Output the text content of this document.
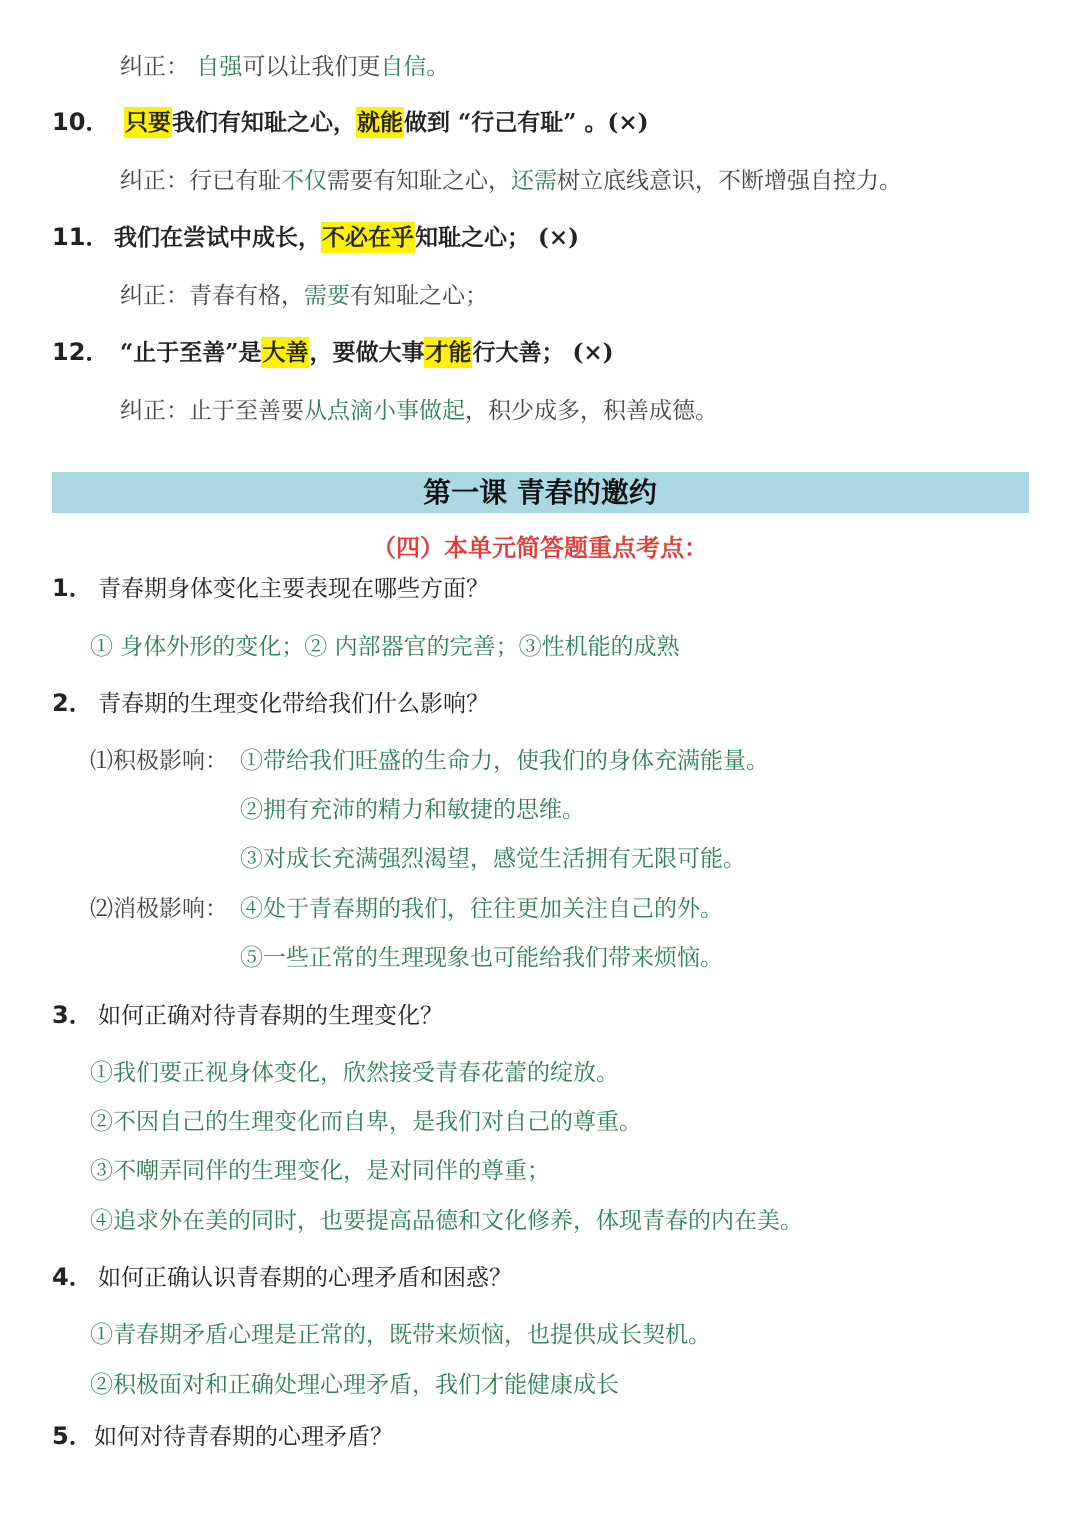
纠正： 自强可以让我们更自信。
10． 只要我们有知耻之心，就能做到 “行己有耻” 。(×)
纠正：行已有耻不仅需要有知耻之心，还需树立底线意识，不断增强自控力。
11． 我们在尝试中成长，不必在乎知耻之心； (×)
纠正：青春有格，需要有知耻之心；
12． “止于至善”是大善，要做大事才能行大善； (×)
纠正：止于至善要从点滴小事做起，积少成多，积善成德。
第一课 青春的邀约
（四）本单元简答题重点考点：
1． 青春期身体变化主要表现在哪些方面？
① 身体外形的变化；② 内部器官的完善；③性机能的成熟
2． 青春期的生理变化带给我们什么影响？
⑴积极影响： ①带给我们旺盛的生命力，使我们的身体充满能量。
②拥有充沛的精力和敏捷的思维。
③对成长充满强烈渴望，感觉生活拥有无限可能。
⑵消极影响： ④处于青春期的我们，往往更加关注自己的外。
⑤一些正常的生理现象也可能给我们带来烦恼。
3． 如何正确对待青春期的生理变化？
①我们要正视身体变化，欣然接受青春花蕾的绽放。
②不因自己的生理变化而自卑，是我们对自己的尊重。
③不嘲弄同伴的生理变化，是对同伴的尊重；
④追求外在美的同时，也要提高品德和文化修养，体现青春的内在美。
4． 如何正确认识青春期的心理矛盾和困惑？
①青春期矛盾心理是正常的，既带来烦恼，也提供成长契机。
②积极面对和正确处理心理矛盾，我们才能健康成长
5．如何对待青春期的心理矛盾？
